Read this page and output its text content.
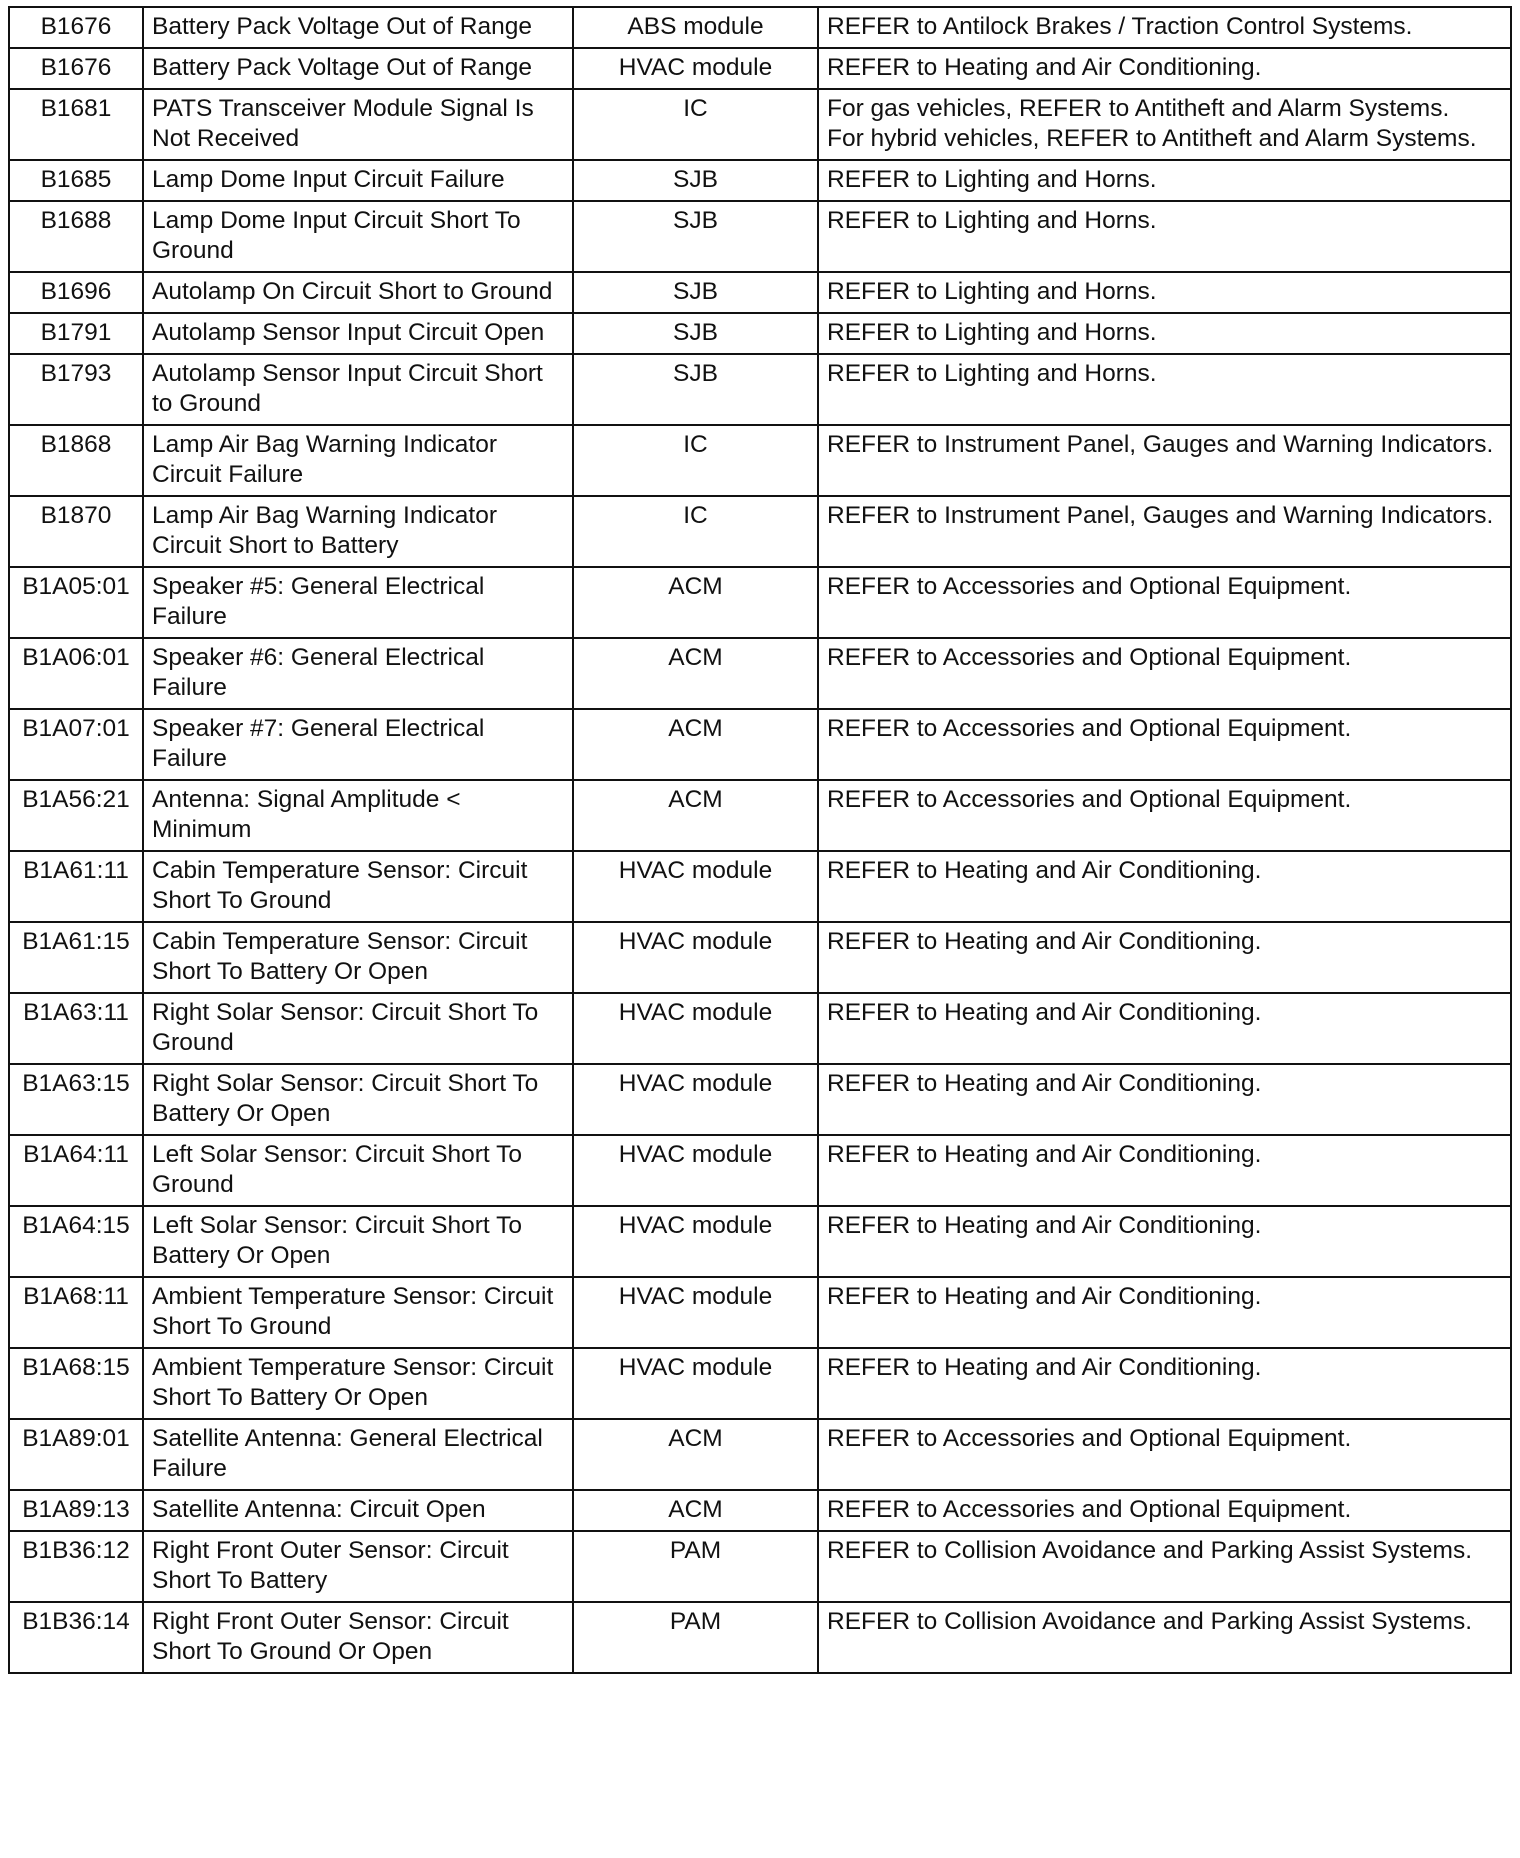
B1676	Battery Pack Voltage Out of Range	ABS module	REFER to Antilock Brakes / Traction Control Systems.

B1676	Battery Pack Voltage Out of Range	HVAC module	REFER to Heating and Air Conditioning.

B1681	PATS Transceiver Module Signal Is Not Received	IC	For gas vehicles, REFER to Antitheft and Alarm Systems.
For hybrid vehicles, REFER to Antitheft and Alarm Systems.

B1685	Lamp Dome Input Circuit Failure	SJB	REFER to Lighting and Horns.

B1688	Lamp Dome Input Circuit Short To Ground	SJB	REFER to Lighting and Horns.

B1696	Autolamp On Circuit Short to Ground	SJB	REFER to Lighting and Horns.

B1791	Autolamp Sensor Input Circuit Open	SJB	REFER to Lighting and Horns.

B1793	Autolamp Sensor Input Circuit Short to Ground	SJB	REFER to Lighting and Horns.

B1868	Lamp Air Bag Warning Indicator Circuit Failure	IC	REFER to Instrument Panel, Gauges and Warning Indicators.

B1870	Lamp Air Bag Warning Indicator Circuit Short to Battery	IC	REFER to Instrument Panel, Gauges and Warning Indicators.

B1A05:01	Speaker #5: General Electrical Failure	ACM	REFER to Accessories and Optional Equipment.

B1A06:01	Speaker #6: General Electrical Failure	ACM	REFER to Accessories and Optional Equipment.

B1A07:01	Speaker #7: General Electrical Failure	ACM	REFER to Accessories and Optional Equipment.

B1A56:21	Antenna: Signal Amplitude < Minimum	ACM	REFER to Accessories and Optional Equipment.

B1A61:11	Cabin Temperature Sensor: Circuit Short To Ground	HVAC module	REFER to Heating and Air Conditioning.

B1A61:15	Cabin Temperature Sensor: Circuit Short To Battery Or Open	HVAC module	REFER to Heating and Air Conditioning.

B1A63:11	Right Solar Sensor: Circuit Short To Ground	HVAC module	REFER to Heating and Air Conditioning.

B1A63:15	Right Solar Sensor: Circuit Short To Battery Or Open	HVAC module	REFER to Heating and Air Conditioning.

B1A64:11	Left Solar Sensor: Circuit Short To Ground	HVAC module	REFER to Heating and Air Conditioning.

B1A64:15	Left Solar Sensor: Circuit Short To Battery Or Open	HVAC module	REFER to Heating and Air Conditioning.

B1A68:11	Ambient Temperature Sensor: Circuit Short To Ground	HVAC module	REFER to Heating and Air Conditioning.

B1A68:15	Ambient Temperature Sensor: Circuit Short To Battery Or Open	HVAC module	REFER to Heating and Air Conditioning.

B1A89:01	Satellite Antenna: General Electrical Failure	ACM	REFER to Accessories and Optional Equipment.

B1A89:13	Satellite Antenna: Circuit Open	ACM	REFER to Accessories and Optional Equipment.

B1B36:12	Right Front Outer Sensor: Circuit Short To Battery	PAM	REFER to Collision Avoidance and Parking Assist Systems.

B1B36:14	Right Front Outer Sensor: Circuit Short To Ground Or Open	PAM	REFER to Collision Avoidance and Parking Assist Systems.
